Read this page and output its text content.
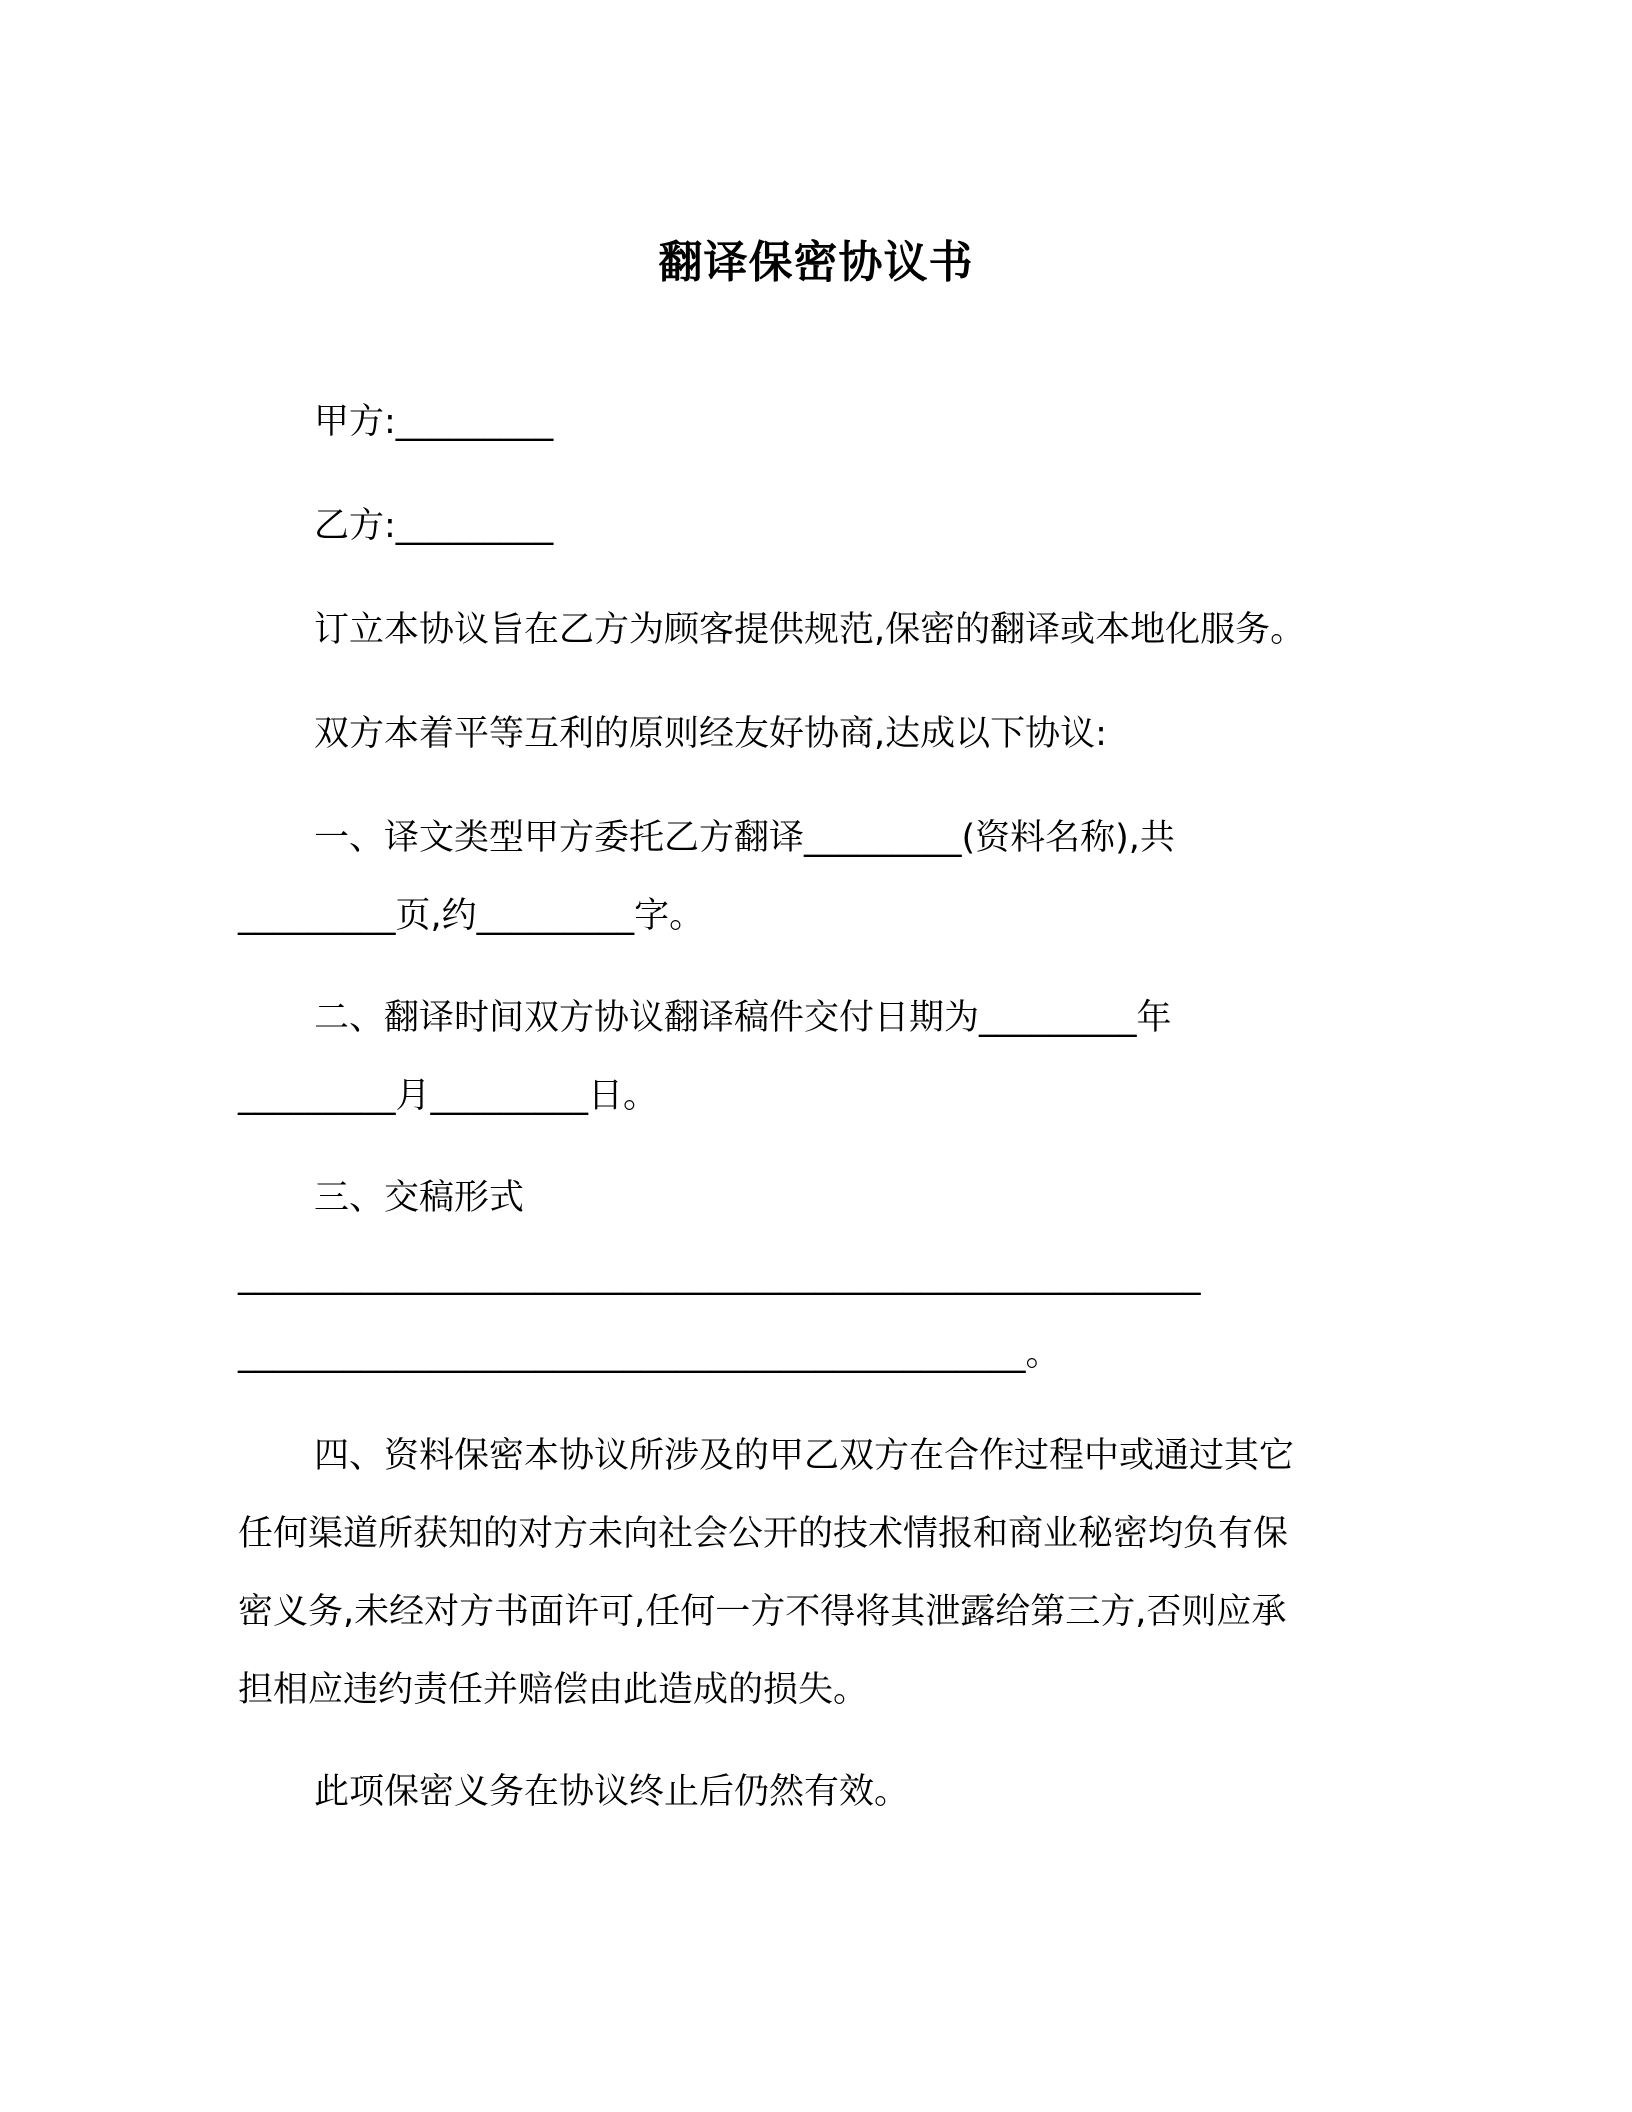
翻译保密协议书
甲方:_________
乙方:_________
订立本协议旨在乙方为顾客提供规范,保密的翻译或本地化服务。
双方本着平等互利的原则经友好协商,达成以下协议:
一、译文类型甲方委托乙方翻译_________(资料名称),共
_________页,约_________字。
二、翻译时间双方协议翻译稿件交付日期为_________年
_________月_________日。
三、交稿形式
_______________________________________________________
_____________________________________________。
四、资料保密本协议所涉及的甲乙双方在合作过程中或通过其它
任何渠道所获知的对方未向社会公开的技术情报和商业秘密均负有保
密义务,未经对方书面许可,任何一方不得将其泄露给第三方,否则应承
担相应违约责任并赔偿由此造成的损失。
此项保密义务在协议终止后仍然有效。
